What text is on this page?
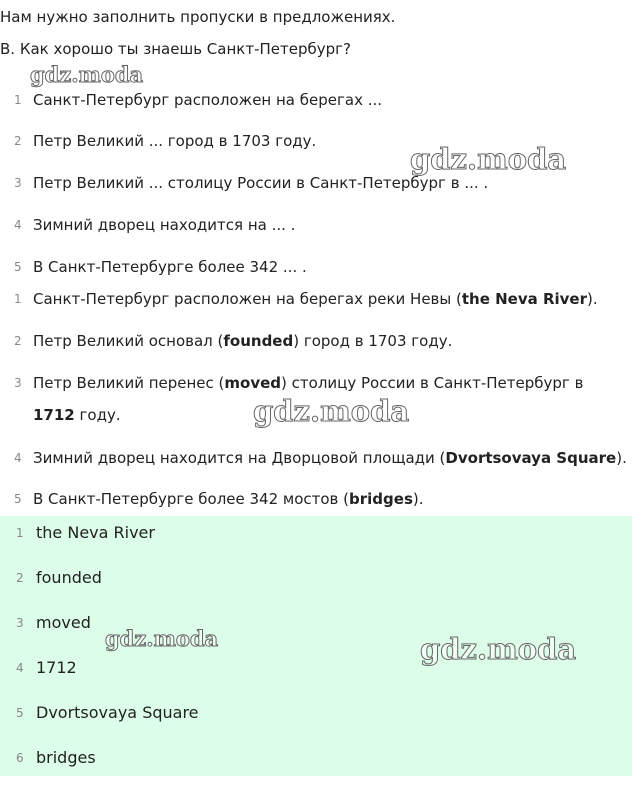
Нам нужно заполнить пропуски в предложениях.
B. Как хорошо ты знаешь Санкт-Петербург?
1 Санкт-Петербург расположен на берегах ...
2 Петр Великий ... город в 1703 году.
3 Петр Великий ... столицу России в Санкт-Петербург в ... .
4 Зимний дворец находится на ... .
5 В Санкт-Петербурге более 342 ... .
1 Санкт-Петербург расположен на берегах реки Невы (the Neva River).
2 Петр Великий основал (founded) город в 1703 году.
3 Петр Великий перенес (moved) столицу России в Санкт-Петербург в 1712 году.
4 Зимний дворец находится на Дворцовой площади (Dvortsovaya Square).
5 В Санкт-Петербурге более 342 мостов (bridges).
1 the Neva River
2 founded
3 moved
4 1712
5 Dvortsovaya Square
6 bridges
gdz.moda
gdz.moda
gdz.moda
gdz.moda	gdz.moda
